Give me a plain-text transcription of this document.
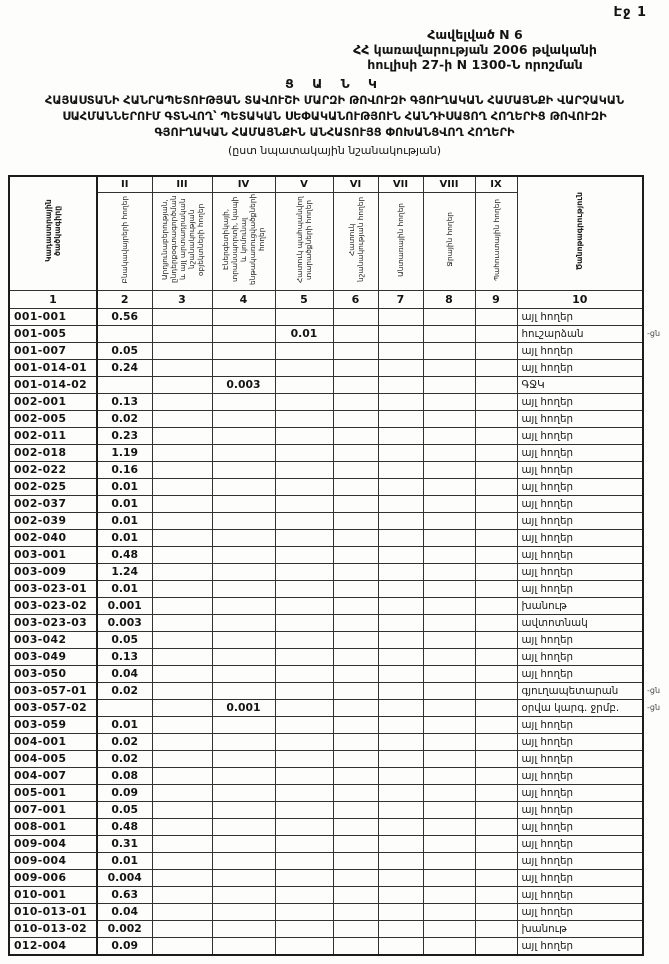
Էջ 1
Հավելված N 6
ՀՀ կառավարության 2006 թվականի
հուլիսի 27-ի N 1300-Ն որոշման
Ց Ա Ն Կ
ՀԱՅԱՍՏԱՆԻ ՀԱՆՐԱՊԵՏՈՒԹՅԱՆ ՏԱՎՈՒՇԻ ՄԱՐԶԻ ԹՈՎՈՒԶԻ ԳՅՈՒՂԱԿԱՆ ՀԱՄԱՅՆՔԻ ՎԱՐՉԱԿԱՆ
ՍԱՀՄԱՆՆԵՐՈՒՄ ԳՏՆՎՈՂ՝ ՊԵՏԱԿԱՆ ՍԵՓԱԿԱՆՈՒԹՅՈՒՆ ՀԱՆԴԻՍԱՑՈՂ ՀՈՂԵՐԻՑ ԹՈՎՈՒԶԻ
ԳՅՈՒՂԱԿԱՆ ՀԱՄԱՅՆՔԻՆ ԱՆՀԱՏՈՒՅՑ ՓՈԽԱՆՑՎՈՂ ՀՈՂԵՐԻ
(ըստ նպատակային նշանակության)
Կադաստրային ծածկագիրը	II	III	IV	V	VI	VII	VIII	IX	Ծանոթագրություն
	Բնակավայրերի հողեր	Արդյունաբերության, ընդերքօգտագործման և այլ արտադրական նշանակության օբյեկտների հողեր	Էներգետիկայի, տրանսպորտի, կապի և կոմունալ ենթակառուցվածքների հողեր	Հատուկ պահպանվող տարածքների հողեր	Հատուկ նշանակության հողեր	Անտառային հողեր	Ջրային հողեր	Պահուստային հողեր	
1	2	3	4	5	6	7	8	9	10
001-001	0.56								այլ հողեր
001-005				0.01					հուշարձան -ցն

001-007	0.05								այլ հողեր
001-014-01	0.24								այլ հողեր
001-014-02			0.003						ԳՋԿ
002-001	0.13								այլ հողեր
002-005	0.02								այլ հողեր
002-011	0.23								այլ հողեր
002-018	1.19								այլ հողեր
002-022	0.16								այլ հողեր
002-025	0.01								այլ հողեր
002-037	0.01								այլ հողեր
002-039	0.01								այլ հողեր
002-040	0.01								այլ հողեր
003-001	0.48								այլ հողեր
003-009	1.24								այլ հողեր
003-023-01	0.01								այլ հողեր
003-023-02	0.001								խանութ
003-023-03	0.003								ավտոտնակ
003-042	0.05								այլ հողեր
003-049	0.13								այլ հողեր
003-050	0.04								այլ հողեր
003-057-01	0.02								գյուղապետարան -ցն

003-057-02			0.001						օրվա կարգ. ջրմբ. -ցն

003-059	0.01								այլ հողեր
004-001	0.02								այլ հողեր
004-005	0.02								այլ հողեր
004-007	0.08								այլ հողեր
005-001	0.09								այլ հողեր
007-001	0.05								այլ հողեր
008-001	0.48								այլ հողեր
009-004	0.31								այլ հողեր
009-004	0.01								այլ հողեր
009-006	0.004								այլ հողեր
010-001	0.63								այլ հողեր
010-013-01	0.04								այլ հողեր
010-013-02	0.002								խանութ
012-004	0.09								այլ հողեր
